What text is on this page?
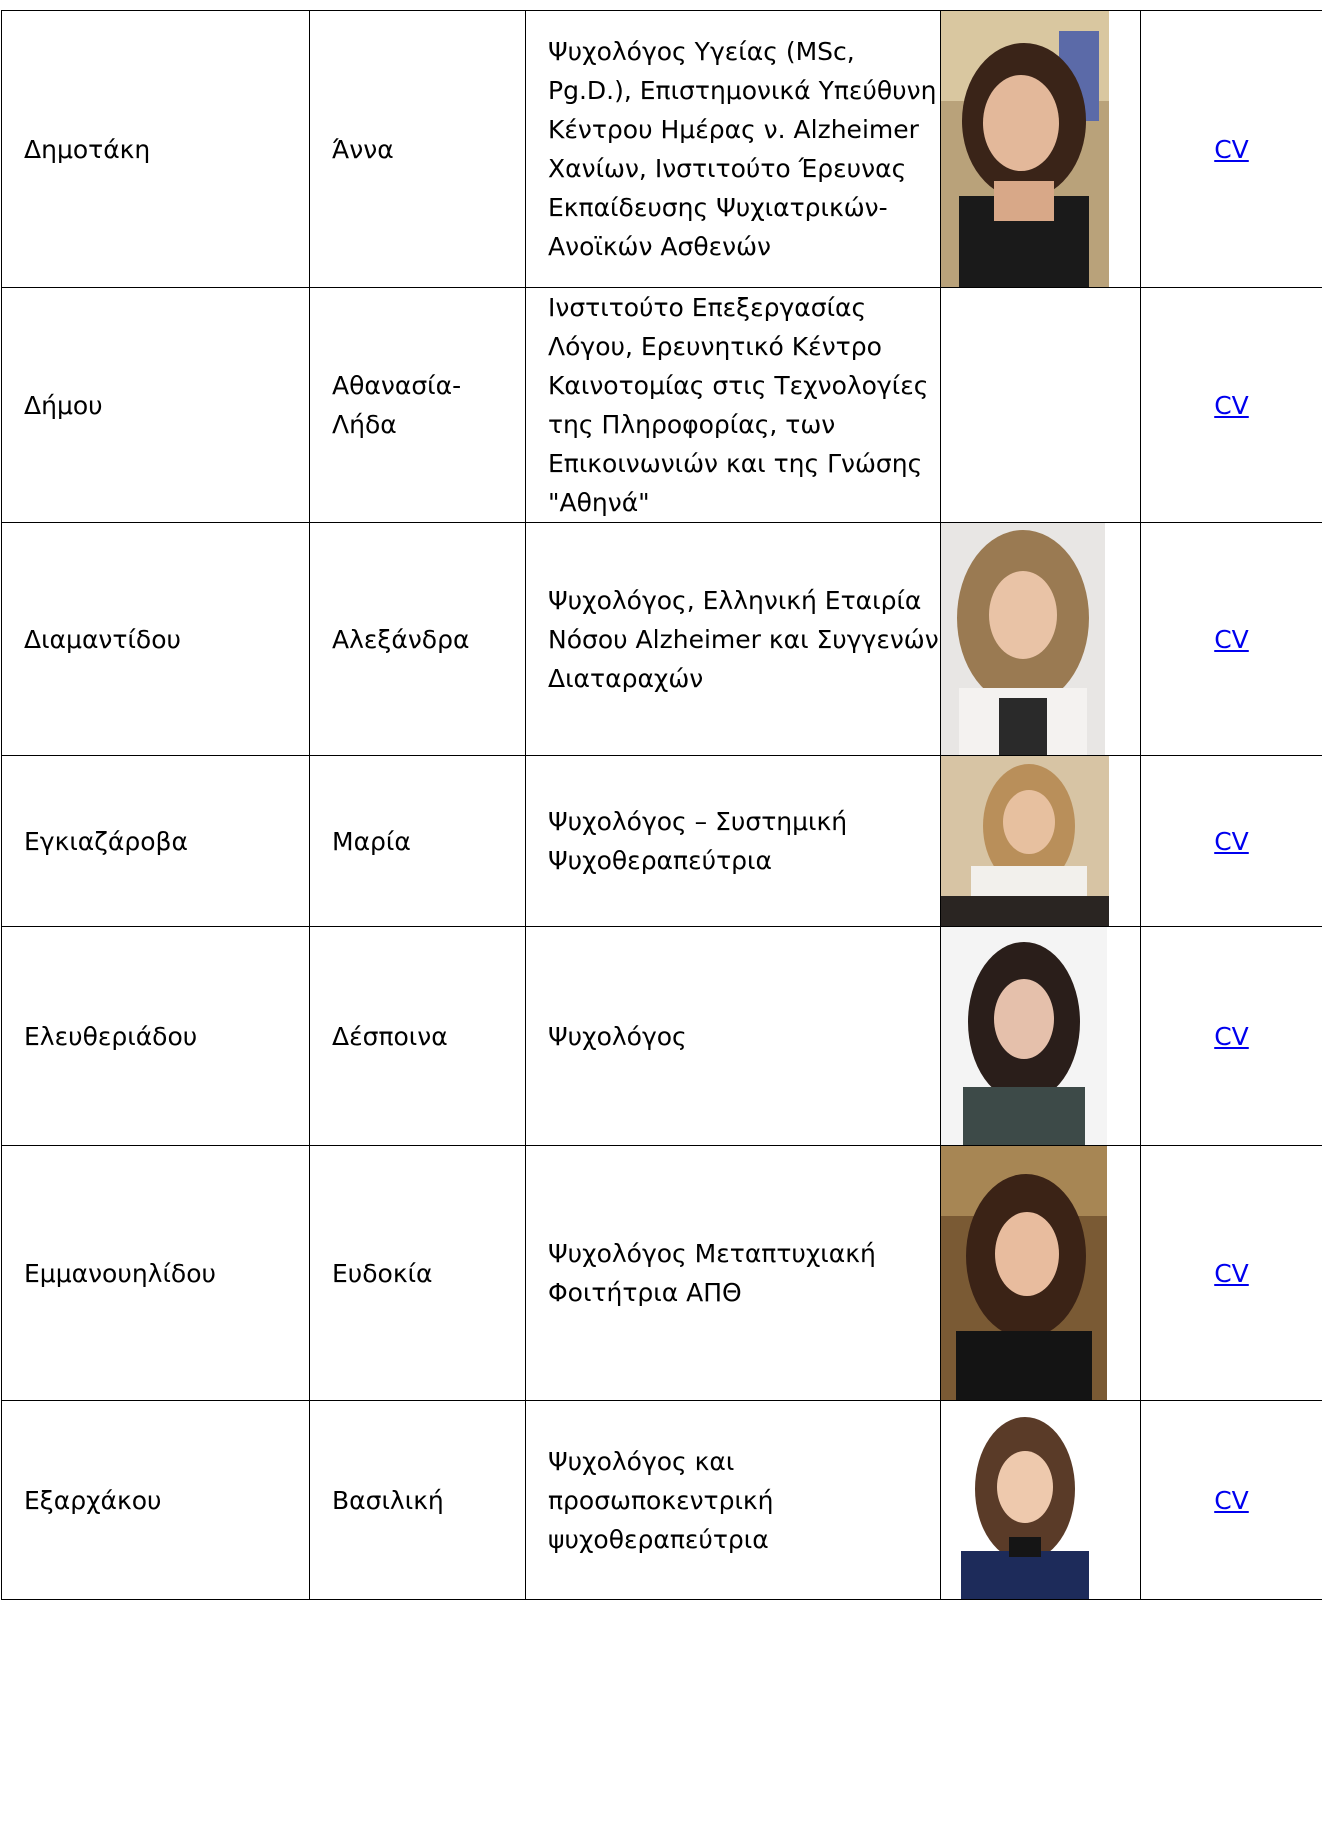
Δημοτάκη	Άννα	Ψυχολόγος Υγείας (MSc, Pg.D.), Επιστημονικά Υπεύθυνη Κέντρου Ημέρας ν. Alzheimer Χανίων, Ινστιτούτο Έρευνας Εκπαίδευσης Ψυχιατρικών-Ανοϊκών Ασθενών		CV
Δήμου	Αθανασία-Λήδα	Ινστιτούτο Επεξεργασίας Λόγου, Ερευνητικό Κέντρο Καινοτομίας στις Τεχνολογίες της Πληροφορίας, των Επικοινωνιών και της Γνώσης "Αθηνά"		CV
Διαμαντίδου	Αλεξάνδρα	Ψυχολόγος, Ελληνική Εταιρία Νόσου Alzheimer και Συγγενών Διαταραχών		CV
Εγκιαζάροβα	Μαρία	Ψυχολόγος – Συστημική Ψυχοθεραπεύτρια		CV
Ελευθεριάδου	Δέσποινα	Ψυχολόγος		CV
Εμμανουηλίδου	Ευδοκία	Ψυχολόγος Μεταπτυχιακή Φοιτήτρια ΑΠΘ		CV
Εξαρχάκου	Βασιλική	Ψυχολόγος και προσωποκεντρική ψυχοθεραπεύτρια		CV
